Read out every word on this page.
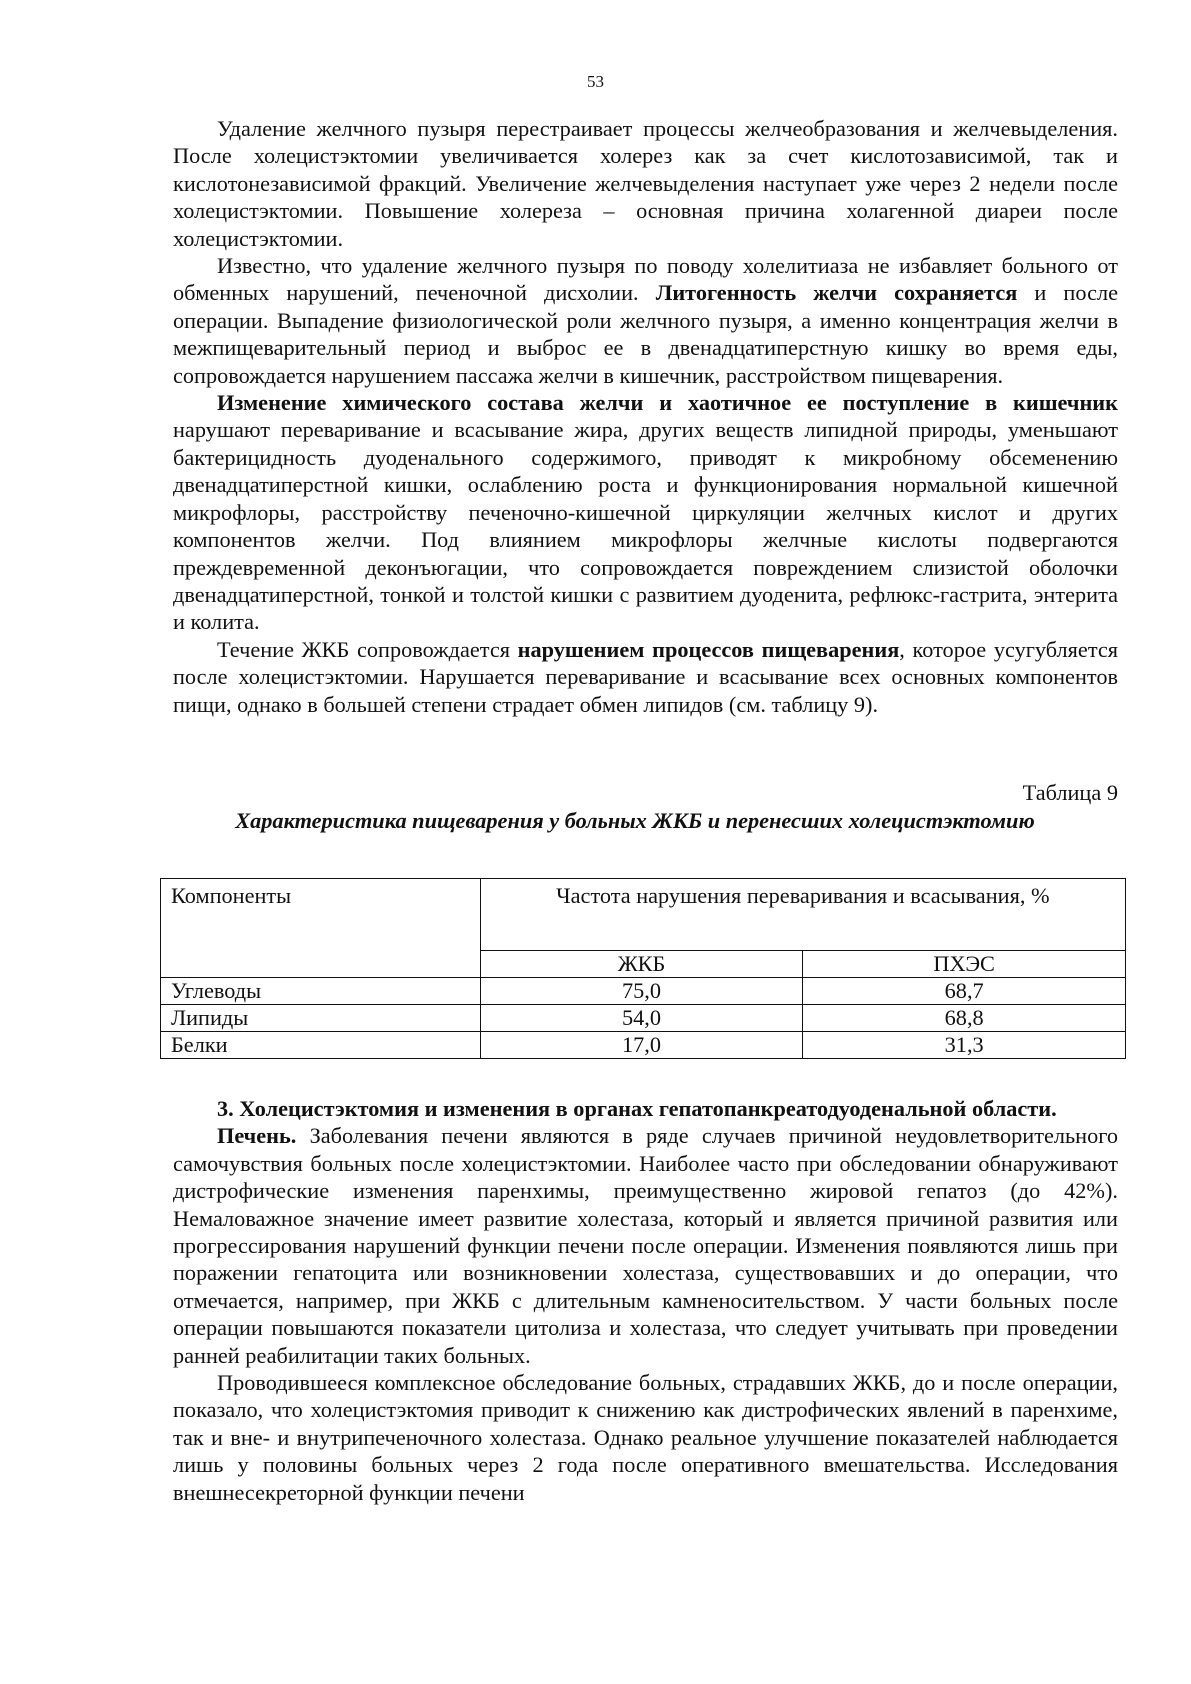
53

Удаление желчного пузыря перестраивает процессы желчеобразования и желчевыделения. После холецистэктомии увеличивается холерез как за счет кислотозависимой, так и кислотонезависимой фракций. Увеличение желчевыделения наступает уже через 2 недели после холецистэктомии. Повышение холереза – основная причина холагенной диареи после холецистэктомии.

Известно, что удаление желчного пузыря по поводу холелитиаза не избавляет больного от обменных нарушений, печеночной дисхолии. Литогенность желчи сохраняется и после операции. Выпадение физиологической роли желчного пузыря, а именно концентрация желчи в межпищеварительный период и выброс ее в двенадцатиперстную кишку во время еды, сопровождается нарушением пассажа желчи в кишечник, расстройством пищеварения.

Изменение химического состава желчи и хаотичное ее поступление в кишечник нарушают переваривание и всасывание жира, других веществ липидной природы, уменьшают бактерицидность дуоденального содержимого, приводят к микробному обсеменению двенадцатиперстной кишки, ослаблению роста и функционирования нормальной кишечной микрофлоры, расстройству печеночно-кишечной циркуляции желчных кислот и других компонентов желчи. Под влиянием микрофлоры желчные кислоты подвергаются преждевременной деконъюгации, что сопровождается повреждением слизистой оболочки двенадцатиперстной, тонкой и толстой кишки с развитием дуоденита, рефлюкс-гастрита, энтерита и колита.

Течение ЖКБ сопровождается нарушением процессов пищеварения, которое усугубляется после холецистэктомии. Нарушается переваривание и всасывание всех основных компонентов пищи, однако в большей степени страдает обмен липидов (см. таблицу 9).

Таблица 9
Характеристика пищеварения у больных ЖКБ и перенесших холецистэктомию
Компоненты	Частота нарушения переваривания и всасывания, %	
	ЖКБ	ПХЭС
Углеводы	75,0	68,7
Липиды	54,0	68,8
Белки	17,0	31,3

3. Холецистэктомия и изменения в органах гепатопанкреатодуоденальной области.

Печень. Заболевания печени являются в ряде случаев причиной неудовлетворительного самочувствия больных после холецистэктомии. Наиболее часто при обследовании обнаруживают дистрофические изменения паренхимы, преимущественно жировой гепатоз (до 42%). Немаловажное значение имеет развитие холестаза, который и является причиной развития или прогрессирования нарушений функции печени после операции. Изменения появляются лишь при поражении гепатоцита или возникновении холестаза, существовавших и до операции, что отмечается, например, при ЖКБ с длительным камненосительством. У части больных после операции повышаются показатели цитолиза и холестаза, что следует учитывать при проведении ранней реабилитации таких больных.

Проводившееся комплексное обследование больных, страдавших ЖКБ, до и после операции, показало, что холецистэктомия приводит к снижению как дистрофических явлений в паренхиме, так и вне- и внутрипеченочного холестаза. Однако реальное улучшение показателей наблюдается лишь у половины больных через 2 года после оперативного вмешательства. Исследования внешнесекреторной функции печени
